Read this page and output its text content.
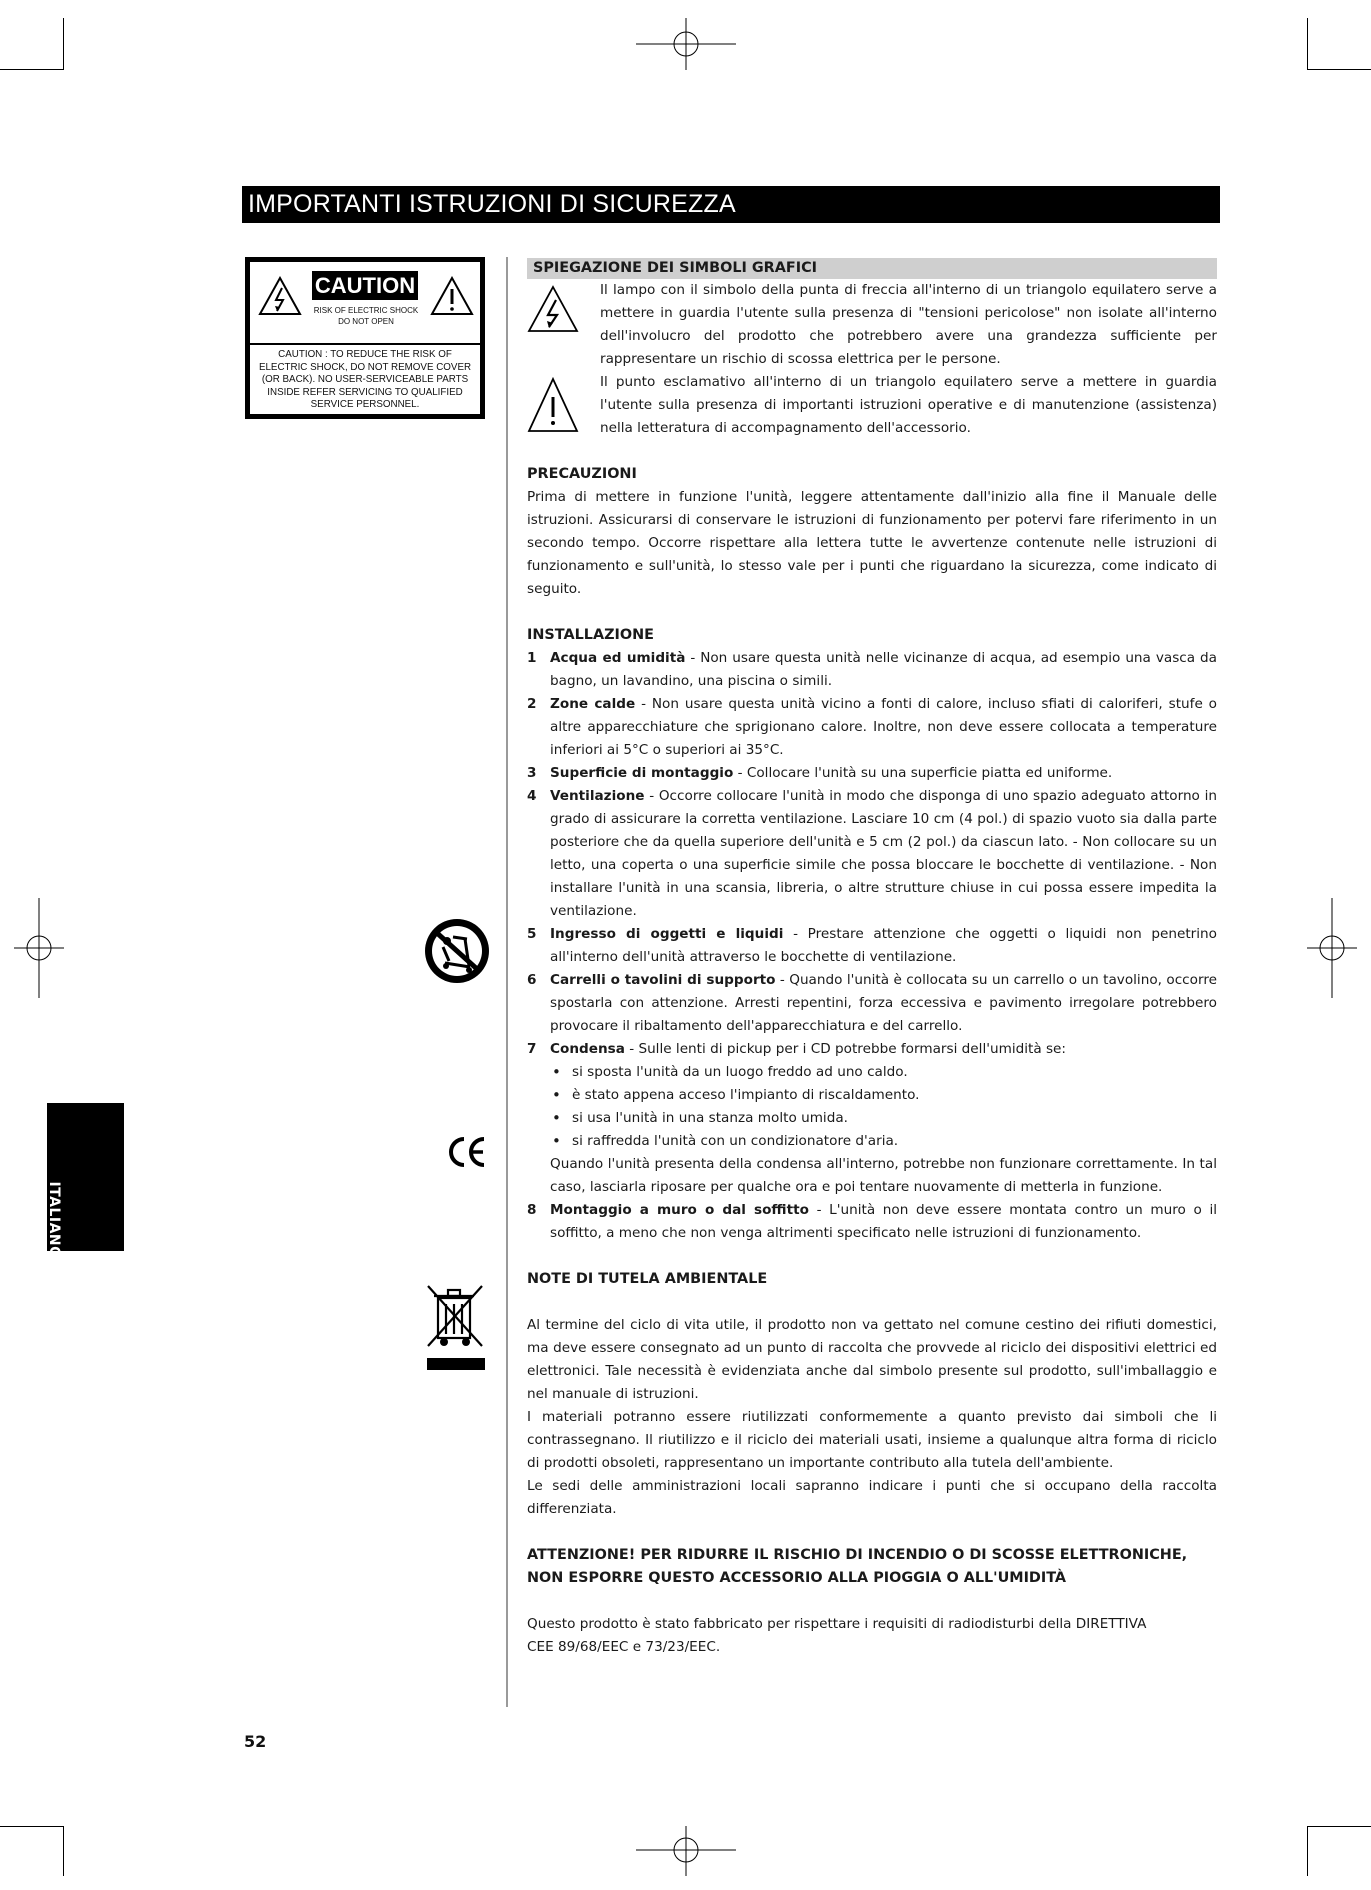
IMPORTANTI ISTRUZIONI DI SICUREZZA
CAUTION
RISK OF ELECTRIC SHOCK
DO NOT OPEN
CAUTION : TO REDUCE THE RISK OF ELECTRIC SHOCK, DO NOT REMOVE COVER (OR BACK). NO USER-SERVICEABLE PARTS INSIDE REFER SERVICING TO QUALIFIED SERVICE PERSONNEL.
ITALIANO
SPIEGAZIONE DEI SIMBOLI GRAFICI

Il lampo con il simbolo della punta di freccia all'interno di un triangolo equilatero serve a mettere in guardia l'utente sulla presenza di "tensioni pericolose" non isolate all'interno dell'involucro del prodotto che potrebbero avere una grandezza sufficiente per rappresentare un rischio di scossa elettrica per le persone.

Il punto esclamativo all'interno di un triangolo equilatero serve a mettere in guardia l'utente sulla presenza di importanti istruzioni operative e di manutenzione (assistenza) nella letteratura di accompagnamento dell'accessorio.

PRECAUZIONI

Prima di mettere in funzione l'unità, leggere attentamente dall'inizio alla fine il Manuale delle istruzioni. Assicurarsi di conservare le istruzioni di funzionamento per potervi fare riferimento in un secondo tempo. Occorre rispettare alla lettera tutte le avvertenze contenute nelle istruzioni di funzionamento e sull'unità, lo stesso vale per i punti che riguardano la sicurezza, come indicato di seguito.

INSTALLAZIONE
1 Acqua ed umidità - Non usare questa unità nelle vicinanze di acqua, ad esempio una vasca da bagno, un lavandino, una piscina o simili.
2 Zone calde - Non usare questa unità vicino a fonti di calore, incluso sfiati di caloriferi, stufe o altre apparecchiature che sprigionano calore. Inoltre, non deve essere collocata a temperature inferiori ai 5°C o superiori ai 35°C.
3 Superficie di montaggio - Collocare l'unità su una superficie piatta ed uniforme.
4 Ventilazione - Occorre collocare l'unità in modo che disponga di uno spazio adeguato attorno in grado di assicurare la corretta ventilazione. Lasciare 10 cm (4 pol.) di spazio vuoto sia dalla parte posteriore che da quella superiore dell'unità e 5 cm (2 pol.) da ciascun lato. - Non collocare su un letto, una coperta o una superficie simile che possa bloccare le bocchette di ventilazione. - Non installare l'unità in una scansia, libreria, o altre strutture chiuse in cui possa essere impedita la ventilazione.
5 Ingresso di oggetti e liquidi - Prestare attenzione che oggetti o liquidi non penetrino all'interno dell'unità attraverso le bocchette di ventilazione.
6 Carrelli o tavolini di supporto - Quando l'unità è collocata su un carrello o un tavolino, occorre spostarla con attenzione. Arresti repentini, forza eccessiva e pavimento irregolare potrebbero provocare il ribaltamento dell'apparecchiatura e del carrello.
7 Condensa - Sulle lenti di pickup per i CD potrebbe formarsi dell'umidità se:
• si sposta l'unità da un luogo freddo ad uno caldo.
• è stato appena acceso l'impianto di riscaldamento.
• si usa l'unità in una stanza molto umida.
• si raffredda l'unità con un condizionatore d'aria.

Quando l'unità presenta della condensa all'interno, potrebbe non funzionare correttamente. In tal caso, lasciarla riposare per qualche ora e poi tentare nuovamente di metterla in funzione.

8 Montaggio a muro o dal soffitto - L'unità non deve essere montata contro un muro o il soffitto, a meno che non venga altrimenti specificato nelle istruzioni di funzionamento.
NOTE DI TUTELA AMBIENTALE

Al termine del ciclo di vita utile, il prodotto non va gettato nel comune cestino dei rifiuti domestici, ma deve essere consegnato ad un punto di raccolta che provvede al riciclo dei dispositivi elettrici ed elettronici. Tale necessità è evidenziata anche dal simbolo presente sul prodotto, sull'imballaggio e nel manuale di istruzioni.

I materiali potranno essere riutilizzati conformemente a quanto previsto dai simboli che li contrassegnano. Il riutilizzo e il riciclo dei materiali usati, insieme a qualunque altra forma di riciclo di prodotti obsoleti, rappresentano un importante contributo alla tutela dell'ambiente.

Le sedi delle amministrazioni locali sapranno indicare i punti che si occupano della raccolta differenziata.

ATTENZIONE! PER RIDURRE IL RISCHIO DI INCENDIO O DI SCOSSE ELETTRONICHE,
NON ESPORRE QUESTO ACCESSORIO ALLA PIOGGIA O ALL'UMIDITÀ

Questo prodotto è stato fabbricato per rispettare i requisiti di radiodisturbi della DIRETTIVA CEE 89/68/EEC e 73/23/EEC.

52
